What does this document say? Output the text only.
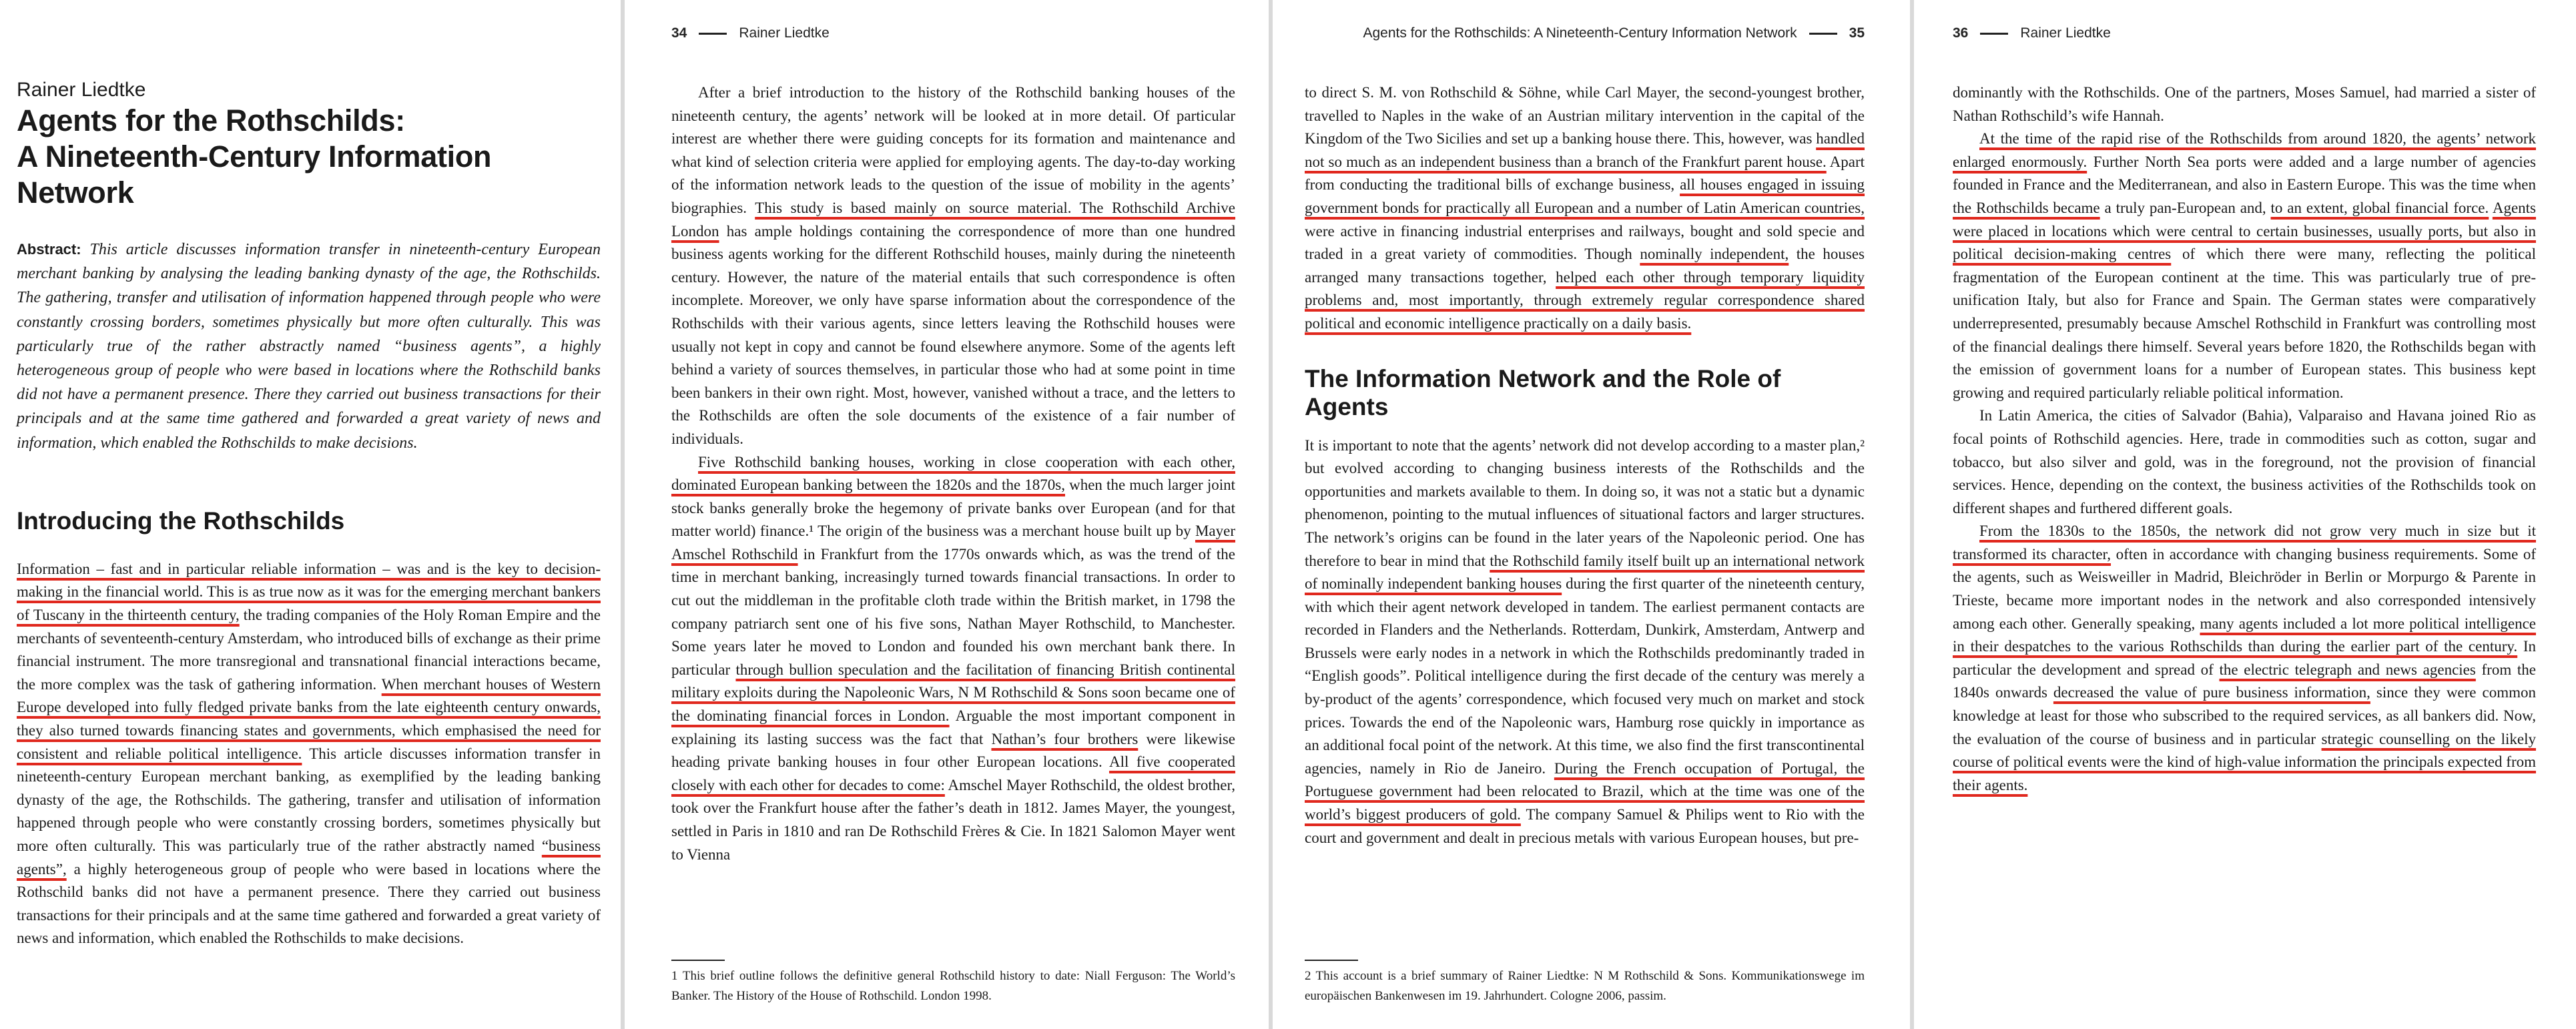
Rainer Liedtke
Agents for the Rothschilds:
A Nineteenth-Century Information Network

Abstract: This article discusses information transfer in nineteenth-century European merchant banking by analysing the leading banking dynasty of the age, the Rothschilds. The gathering, transfer and utilisation of information happened through people who were constantly crossing borders, sometimes physically but more often culturally. This was particularly true of the rather abstractly named “business agents”, a highly heterogeneous group of people who were based in locations where the Rothschild banks did not have a permanent presence. There they carried out business transactions for their principals and at the same time gathered and forwarded a great variety of news and information, which enabled the Rothschilds to make decisions.

Introducing the Rothschilds

Information – fast and in particular reliable information – was and is the key to decision-making in the financial world. This is as true now as it was for the emerging merchant bankers of Tuscany in the thirteenth century, the trading companies of the Holy Roman Empire and the merchants of seventeenth-century Amsterdam, who introduced bills of exchange as their prime financial instrument. The more transregional and transnational financial interactions became, the more complex was the task of gathering information. When merchant houses of Western Europe developed into fully fledged private banks from the late eighteenth century onwards, they also turned towards financing states and governments, which emphasised the need for consistent and reliable political intelligence. This article discusses information transfer in nineteenth-century European merchant banking, as exemplified by the leading banking dynasty of the age, the Rothschilds. The gathering, transfer and utilisation of information happened through people who were constantly crossing borders, sometimes physically but more often culturally. This was particularly true of the rather abstractly named “business agents”, a highly heterogeneous group of people who were based in locations where the Rothschild banks did not have a permanent presence. There they carried out business transactions for their principals and at the same time gathered and forwarded a great variety of news and information, which enabled the Rothschilds to make decisions.

34	Rainer Liedtke

After a brief introduction to the history of the Rothschild banking houses of the nineteenth century, the agents’ network will be looked at in more detail. Of particular interest are whether there were guiding concepts for its formation and maintenance and what kind of selection criteria were applied for employing agents. The day-to-day working of the information network leads to the question of the issue of mobility in the agents’ biographies. This study is based mainly on source material. The Rothschild Archive London has ample holdings containing the correspondence of more than one hundred business agents working for the different Rothschild houses, mainly during the nineteenth century. However, the nature of the material entails that such correspondence is often incomplete. Moreover, we only have sparse information about the correspondence of the Rothschilds with their various agents, since letters leaving the Rothschild houses were usually not kept in copy and cannot be found elsewhere anymore. Some of the agents left behind a variety of sources themselves, in particular those who had at some point in time been bankers in their own right. Most, however, vanished without a trace, and the letters to the Rothschilds are often the sole documents of the existence of a fair number of individuals.

Five Rothschild banking houses, working in close cooperation with each other, dominated European banking between the 1820s and the 1870s, when the much larger joint stock banks generally broke the hegemony of private banks over European (and for that matter world) finance.¹ The origin of the business was a merchant house built up by Mayer Amschel Rothschild in Frankfurt from the 1770s onwards which, as was the trend of the time in merchant banking, increasingly turned towards financial transactions. In order to cut out the middleman in the profitable cloth trade within the British market, in 1798 the company patriarch sent one of his five sons, Nathan Mayer Rothschild, to Manchester. Some years later he moved to London and founded his own merchant bank there. In particular through bullion speculation and the facilitation of financing British continental military exploits during the Napoleonic Wars, N M Rothschild & Sons soon became one of the dominating financial forces in London. Arguable the most important component in explaining its lasting success was the fact that Nathan’s four brothers were likewise heading private banking houses in four other European locations. All five cooperated closely with each other for decades to come: Amschel Mayer Rothschild, the oldest brother, took over the Frankfurt house after the father’s death in 1812. James Mayer, the youngest, settled in Paris in 1810 and ran De Rothschild Frères & Cie. In 1821 Salomon Mayer went to Vienna

1 This brief outline follows the definitive general Rothschild history to date: Niall Ferguson: The World’s Banker. The History of the House of Rothschild. London 1998.

Agents for the Rothschilds: A Nineteenth-Century Information Network	35

to direct S. M. von Rothschild & Söhne, while Carl Mayer, the second-youngest brother, travelled to Naples in the wake of an Austrian military intervention in the capital of the Kingdom of the Two Sicilies and set up a banking house there. This, however, was handled not so much as an independent business than a branch of the Frankfurt parent house. Apart from conducting the traditional bills of exchange business, all houses engaged in issuing government bonds for practically all European and a number of Latin American countries, were active in financing industrial enterprises and railways, bought and sold specie and traded in a great variety of commodities. Though nominally independent, the houses arranged many transactions together, helped each other through temporary liquidity problems and, most importantly, through extremely regular correspondence shared political and economic intelligence practically on a daily basis.

The Information Network and the Role of Agents

It is important to note that the agents’ network did not develop according to a master plan,² but evolved according to changing business interests of the Rothschilds and the opportunities and markets available to them. In doing so, it was not a static but a dynamic phenomenon, pointing to the mutual influences of situational factors and larger structures. The network’s origins can be found in the later years of the Napoleonic period. One has therefore to bear in mind that the Rothschild family itself built up an international network of nominally independent banking houses during the first quarter of the nineteenth century, with which their agent network developed in tandem. The earliest permanent contacts are recorded in Flanders and the Netherlands. Rotterdam, Dunkirk, Amsterdam, Antwerp and Brussels were early nodes in a network in which the Rothschilds predominantly traded in “English goods”. Political intelligence during the first decade of the century was merely a by-product of the agents’ correspondence, which focused very much on market and stock prices. Towards the end of the Napoleonic wars, Hamburg rose quickly in importance as an additional focal point of the network. At this time, we also find the first transcontinental agencies, namely in Rio de Janeiro. During the French occupation of Portugal, the Portuguese government had been relocated to Brazil, which at the time was one of the world’s biggest producers of gold. The company Samuel & Philips went to Rio with the court and government and dealt in precious metals with various European houses, but pre-

2 This account is a brief summary of Rainer Liedtke: N M Rothschild & Sons. Kommunikationswege im europäischen Bankenwesen im 19. Jahrhundert. Cologne 2006, passim.

36	Rainer Liedtke

dominantly with the Rothschilds. One of the partners, Moses Samuel, had married a sister of Nathan Rothschild’s wife Hannah.

At the time of the rapid rise of the Rothschilds from around 1820, the agents’ network enlarged enormously. Further North Sea ports were added and a large number of agencies founded in France and the Mediterranean, and also in Eastern Europe. This was the time when the Rothschilds became a truly pan-European and, to an extent, global financial force. Agents were placed in locations which were central to certain businesses, usually ports, but also in political decision-making centres of which there were many, reflecting the political fragmentation of the European continent at the time. This was particularly true of pre-unification Italy, but also for France and Spain. The German states were comparatively underrepresented, presumably because Amschel Rothschild in Frankfurt was controlling most of the financial dealings there himself. Several years before 1820, the Rothschilds began with the emission of government loans for a number of European states. This business kept growing and required particularly reliable political information.

In Latin America, the cities of Salvador (Bahia), Valparaiso and Havana joined Rio as focal points of Rothschild agencies. Here, trade in commodities such as cotton, sugar and tobacco, but also silver and gold, was in the foreground, not the provision of financial services. Hence, depending on the context, the business activities of the Rothschilds took on different shapes and furthered different goals.

From the 1830s to the 1850s, the network did not grow very much in size but it transformed its character, often in accordance with changing business requirements. Some of the agents, such as Weisweiller in Madrid, Bleichröder in Berlin or Morpurgo & Parente in Trieste, became more important nodes in the network and also corresponded intensively among each other. Generally speaking, many agents included a lot more political intelligence in their despatches to the various Rothschilds than during the earlier part of the century. In particular the development and spread of the electric telegraph and news agencies from the 1840s onwards decreased the value of pure business information, since they were common knowledge at least for those who subscribed to the required services, as all bankers did. Now, the evaluation of the course of business and in particular strategic counselling on the likely course of political events were the kind of high-value information the principals expected from their agents.
